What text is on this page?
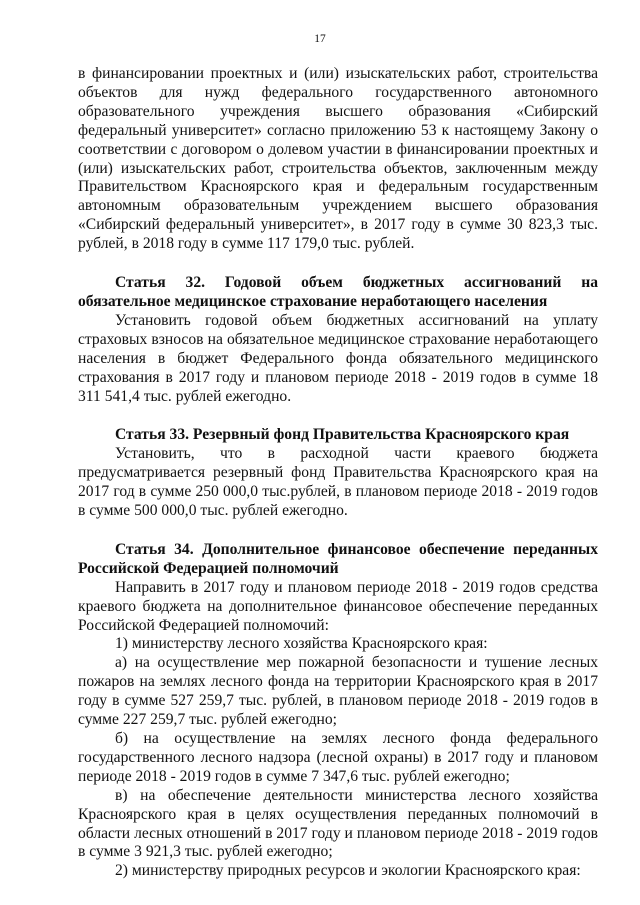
17

в финансировании проектных и (или) изыскательских работ, строительства объектов для нужд федерального государственного автономного образовательного учреждения высшего образования «Сибирский федеральный университет» согласно приложению 53 к настоящему Закону о соответствии с договором о долевом участии в финансировании проектных и (или) изыскательских работ, строительства объектов, заключенным между Правительством Красноярского края и федеральным государственным автономным образовательным учреждением высшего образования «Сибирский федеральный университет», в 2017 году в сумме 30 823,3 тыс. рублей, в 2018 году в сумме 117 179,0 тыс. рублей.

Статья 32. Годовой объем бюджетных ассигнований на обязательное медицинское страхование неработающего населения

Установить годовой объем бюджетных ассигнований на уплату страховых взносов на обязательное медицинское страхование неработающего населения в бюджет Федерального фонда обязательного медицинского страхования в 2017 году и плановом периоде 2018 - 2019 годов в сумме 18 311 541,4 тыс. рублей ежегодно.

Статья 33. Резервный фонд Правительства Красноярского края

Установить, что в расходной части краевого бюджета предусматривается резервный фонд Правительства Красноярского края на 2017 год в сумме 250 000,0 тыс.рублей, в плановом периоде 2018 - 2019 годов в сумме 500 000,0 тыс. рублей ежегодно.

Статья 34. Дополнительное финансовое обеспечение переданных Российской Федерацией полномочий

Направить в 2017 году и плановом периоде 2018 - 2019 годов средства краевого бюджета на дополнительное финансовое обеспечение переданных Российской Федерацией полномочий:

1) министерству лесного хозяйства Красноярского края:

а) на осуществление мер пожарной безопасности и тушение лесных пожаров на землях лесного фонда на территории Красноярского края в 2017 году в сумме 527 259,7 тыс. рублей, в плановом периоде 2018 - 2019 годов в сумме 227 259,7 тыс. рублей ежегодно;

б) на осуществление на землях лесного фонда федерального государственного лесного надзора (лесной охраны) в 2017 году и плановом периоде 2018 - 2019 годов в сумме 7 347,6 тыс. рублей ежегодно;

в) на обеспечение деятельности министерства лесного хозяйства Красноярского края в целях осуществления переданных полномочий в области лесных отношений в 2017 году и плановом периоде 2018 - 2019 годов в сумме 3 921,3 тыс. рублей ежегодно;

2) министерству природных ресурсов и экологии Красноярского края:
